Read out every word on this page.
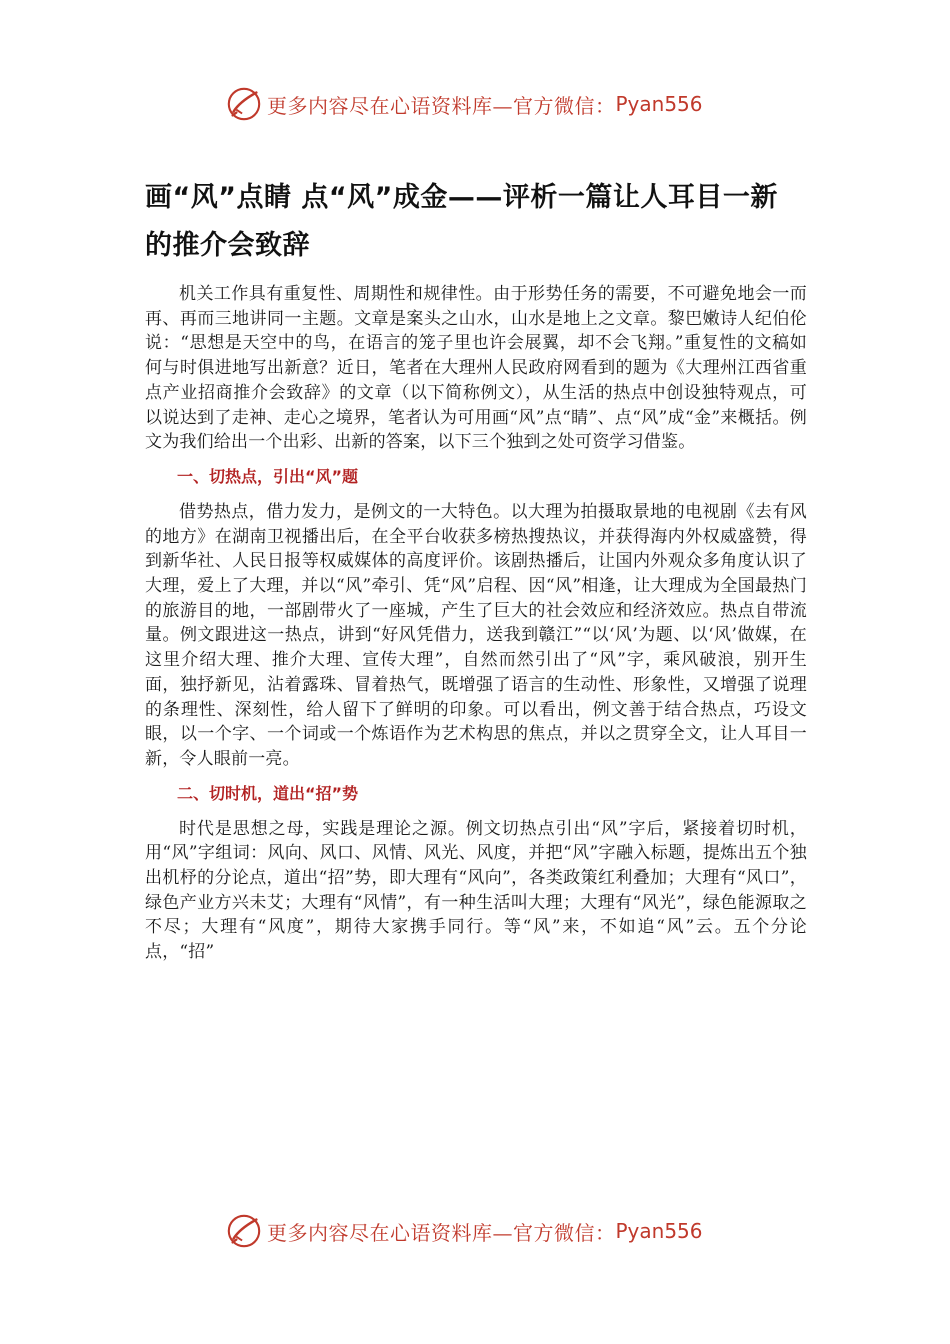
更多内容尽在心语资料库—官方微信： Pyan556
画“风”点睛 点“风”成金——评析一篇让人耳目一新的推介会致辞

机关工作具有重复性、周期性和规律性。由于形势任务的需要，不可避免地会一而再、再而三地讲同一主题。文章是案头之山水，山水是地上之文章。黎巴嫩诗人纪伯伦说：“思想是天空中的鸟，在语言的笼子里也许会展翼，却不会飞翔。”重复性的文稿如何与时俱进地写出新意？近日，笔者在大理州人民政府网看到的题为《大理州江西省重点产业招商推介会致辞》的文章（以下简称例文），从生活的热点中创设独特观点，可以说达到了走神、走心之境界，笔者认为可用画“风”点“睛”、点“风”成“金”来概括。例文为我们给出一个出彩、出新的答案，以下三个独到之处可资学习借鉴。

一、切热点，引出“风”题

借势热点，借力发力，是例文的一大特色。以大理为拍摄取景地的电视剧《去有风的地方》在湖南卫视播出后，在全平台收获多榜热搜热议，并获得海内外权威盛赞，得到新华社、人民日报等权威媒体的高度评价。该剧热播后，让国内外观众多角度认识了大理，爱上了大理，并以“风”牵引、凭“风”启程、因“风”相逢，让大理成为全国最热门的旅游目的地，一部剧带火了一座城，产生了巨大的社会效应和经济效应。热点自带流量。例文跟进这一热点，讲到“好风凭借力，送我到赣江”“以‘风’为题、以‘风’做媒，在这里介绍大理、推介大理、宣传大理”，自然而然引出了“风”字，乘风破浪，别开生面，独抒新见，沾着露珠、冒着热气，既增强了语言的生动性、形象性，又增强了说理的条理性、深刻性，给人留下了鲜明的印象。可以看出，例文善于结合热点，巧设文眼，以一个字、一个词或一个炼语作为艺术构思的焦点，并以之贯穿全文，让人耳目一新，令人眼前一亮。

二、切时机，道出“招”势

时代是思想之母，实践是理论之源。例文切热点引出“风”字后，紧接着切时机，用“风”字组词：风向、风口、风情、风光、风度，并把“风”字融入标题，提炼出五个独出机杼的分论点，道出“招”势，即大理有“风向”，各类政策红利叠加；大理有“风口”，绿色产业方兴未艾；大理有“风情”，有一种生活叫大理；大理有“风光”，绿色能源取之不尽；大理有“风度”，期待大家携手同行。等“风”来，不如追“风”云。五个分论点，“招”

更多内容尽在心语资料库—官方微信： Pyan556
